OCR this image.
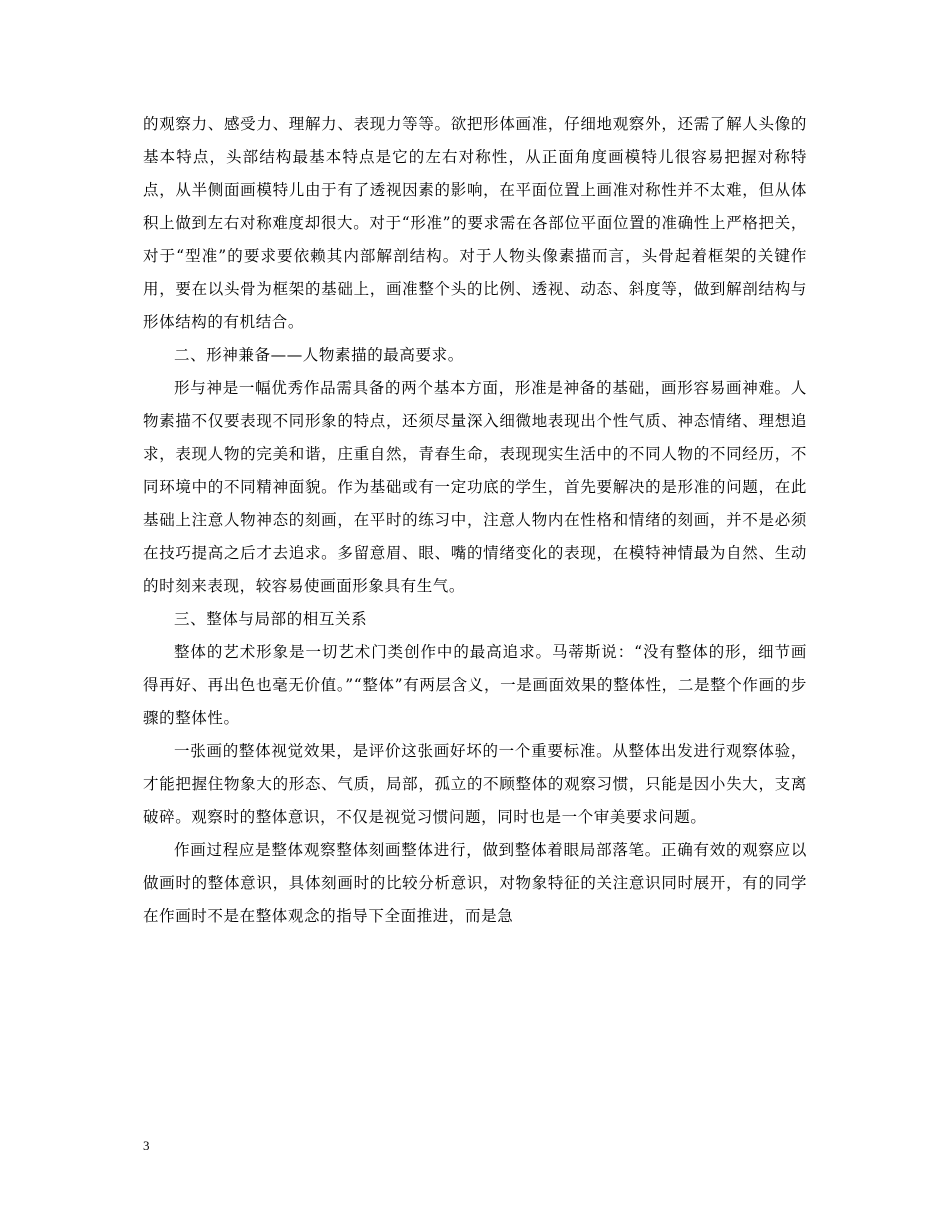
的观察力、感受力、理解力、表现力等等。欲把形体画准，仔细地观察外，还需了解人头像的基本特点，头部结构最基本特点是它的左右对称性，从正面角度画模特儿很容易把握对称特点，从半侧面画模特儿由于有了透视因素的影响，在平面位置上画准对称性并不太难，但从体积上做到左右对称难度却很大。对于“形准”的要求需在各部位平面位置的准确性上严格把关，对于“型准”的要求要依赖其内部解剖结构。对于人物头像素描而言，头骨起着框架的关键作用，要在以头骨为框架的基础上，画准整个头的比例、透视、动态、斜度等，做到解剖结构与形体结构的有机结合。

二、形神兼备——人物素描的最高要求。

形与神是一幅优秀作品需具备的两个基本方面，形准是神备的基础，画形容易画神难。人物素描不仅要表现不同形象的特点，还须尽量深入细微地表现出个性气质、神态情绪、理想追求，表现人物的完美和谐，庄重自然，青春生命，表现现实生活中的不同人物的不同经历，不同环境中的不同精神面貌。作为基础或有一定功底的学生，首先要解决的是形准的问题，在此基础上注意人物神态的刻画，在平时的练习中，注意人物内在性格和情绪的刻画，并不是必须在技巧提高之后才去追求。多留意眉、眼、嘴的情绪变化的表现，在模特神情最为自然、生动的时刻来表现，较容易使画面形象具有生气。

三、整体与局部的相互关系

整体的艺术形象是一切艺术门类创作中的最高追求。马蒂斯说：“没有整体的形，细节画得再好、再出色也毫无价值。”“整体”有两层含义，一是画面效果的整体性，二是整个作画的步骤的整体性。

一张画的整体视觉效果，是评价这张画好坏的一个重要标准。从整体出发进行观察体验，才能把握住物象大的形态、气质，局部，孤立的不顾整体的观察习惯，只能是因小失大，支离破碎。观察时的整体意识，不仅是视觉习惯问题，同时也是一个审美要求问题。

作画过程应是整体观察整体刻画整体进行，做到整体着眼局部落笔。正确有效的观察应以做画时的整体意识，具体刻画时的比较分析意识，对物象特征的关注意识同时展开，有的同学在作画时不是在整体观念的指导下全面推进，而是急

3
